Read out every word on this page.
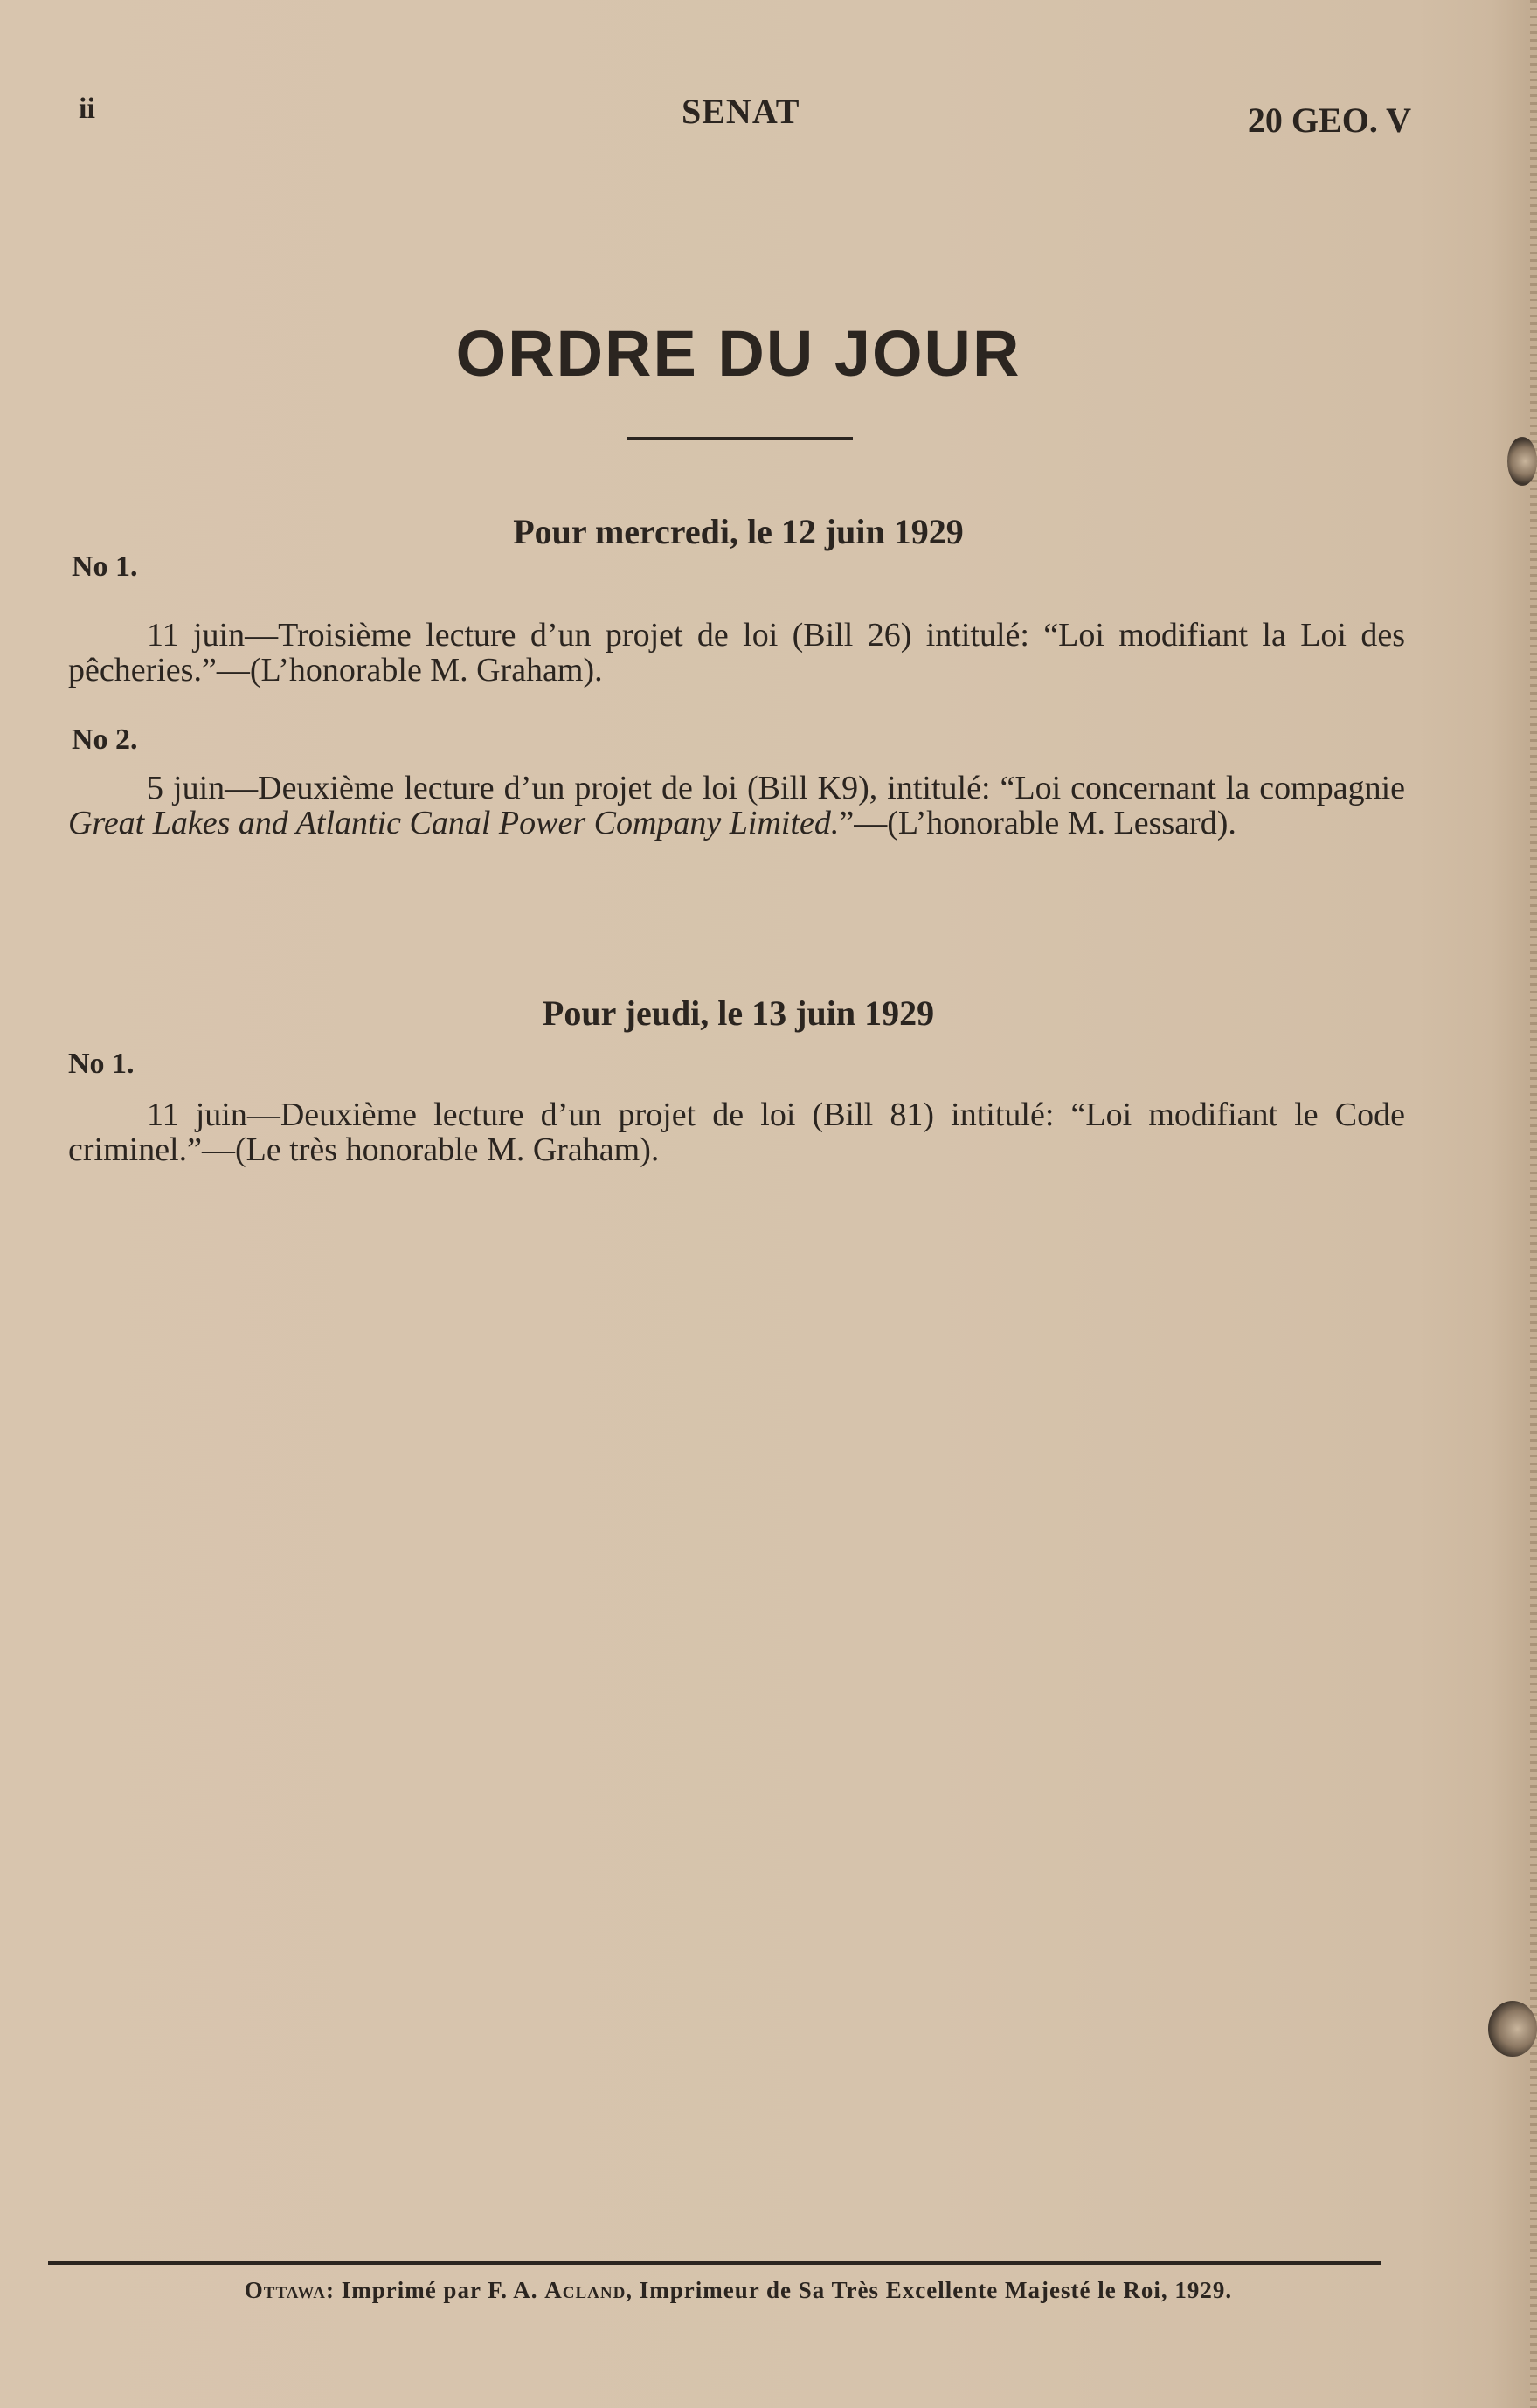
ii	SENAT	20 GEO. V
ORDRE DU JOUR
Pour mercredi, le 12 juin 1929
No 1.

11 juin—Troisième lecture d’un projet de loi (Bill 26) intitulé: “Loi modifiant la Loi des pêcheries.”—(L’honorable M. Graham).

No 2.

5 juin—Deuxième lecture d’un projet de loi (Bill K9), intitulé: “Loi concernant la compagnie Great Lakes and Atlantic Canal Power Company Limited.”—(L’honorable M. Lessard).

Pour jeudi, le 13 juin 1929
No 1.

11 juin—Deuxième lecture d’un projet de loi (Bill 81) intitulé: “Loi modifiant le Code criminel.”—(Le très honorable M. Graham).

Ottawa: Imprimé par F. A. Acland, Imprimeur de Sa Très Excellente Majesté le Roi, 1929.
